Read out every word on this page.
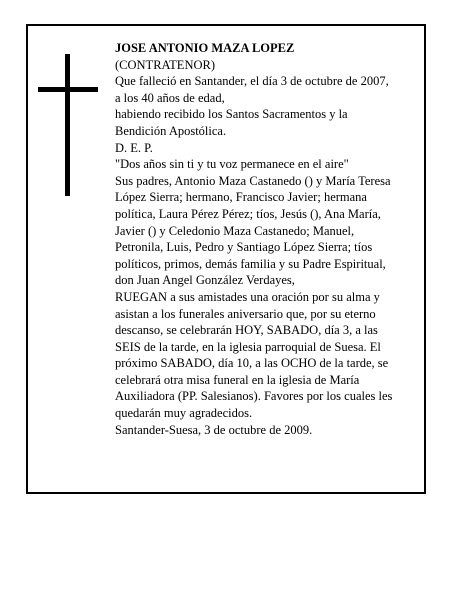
JOSE ANTONIO MAZA LOPEZ
(CONTRATENOR)
Que falleció en Santander, el día 3 de octubre de 2007,
a los 40 años de edad,
habiendo recibido los Santos Sacramentos y la
Bendición Apostólica.
D. E. P.
"Dos años sin ti y tu voz permanece en el aire"
Sus padres, Antonio Maza Castanedo () y María Teresa
López Sierra; hermano, Francisco Javier; hermana
política, Laura Pérez Pérez; tíos, Jesús (), Ana María,
Javier () y Celedonio Maza Castanedo; Manuel,
Petronila, Luis, Pedro y Santiago López Sierra; tíos
políticos, primos, demás familia y su Padre Espiritual,
don Juan Angel González Verdayes,
RUEGAN a sus amistades una oración por su alma y
asistan a los funerales aniversario que, por su eterno
descanso, se celebrarán HOY, SABADO, día 3, a las
SEIS de la tarde, en la iglesia parroquial de Suesa. El
próximo SABADO, día 10, a las OCHO de la tarde, se
celebrará otra misa funeral en la iglesia de María
Auxiliadora (PP. Salesianos). Favores por los cuales les
quedarán muy agradecidos.
Santander-Suesa, 3 de octubre de 2009.
